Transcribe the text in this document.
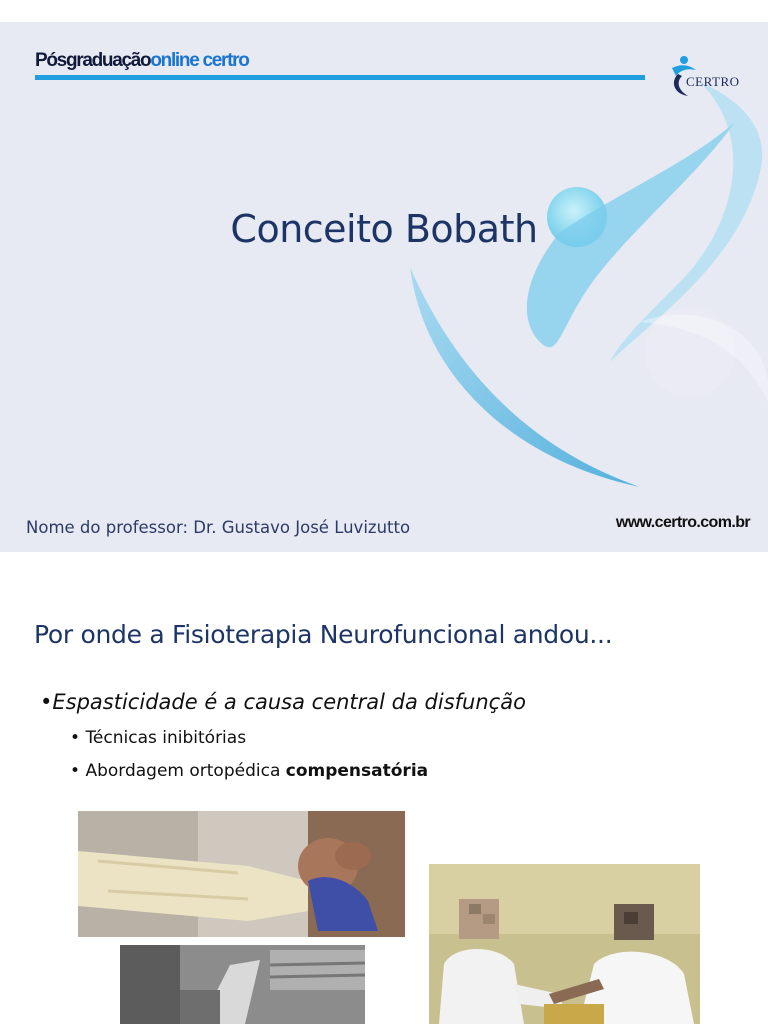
Pósgraduaçãoonline certro
CERTRO
Conceito Bobath
Nome do professor: Dr. Gustavo José Luvizutto	www.certro.com.br
Por onde a Fisioterapia Neurofuncional andou...
•Espasticidade é a causa central da disfunção
• Técnicas inibitórias
• Abordagem ortopédica compensatória
